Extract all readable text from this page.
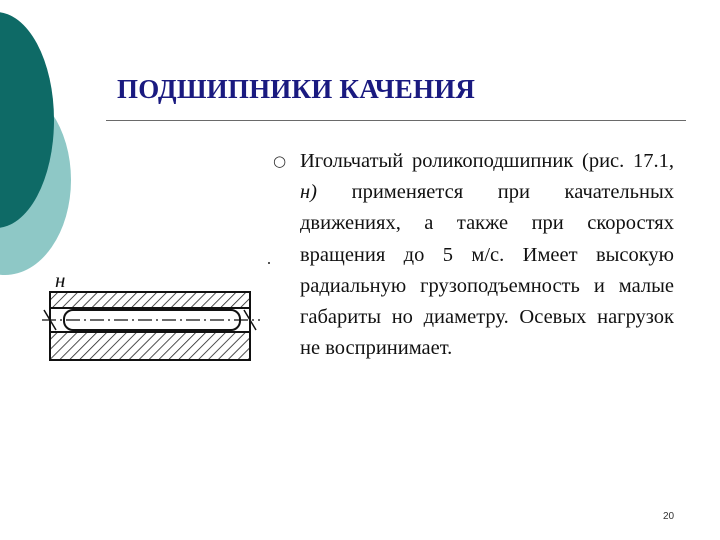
ПОДШИПНИКИ КАЧЕНИЯ
○ Игольчатый роликоподшипник (рис. 17.1, н) применяется при качательных движениях, а также при скоростях вращения до 5 м/с. Имеет высокую радиальную грузоподъемность и малые габариты но диаметру. Осевых нагрузок не воспринимает.
н
20
